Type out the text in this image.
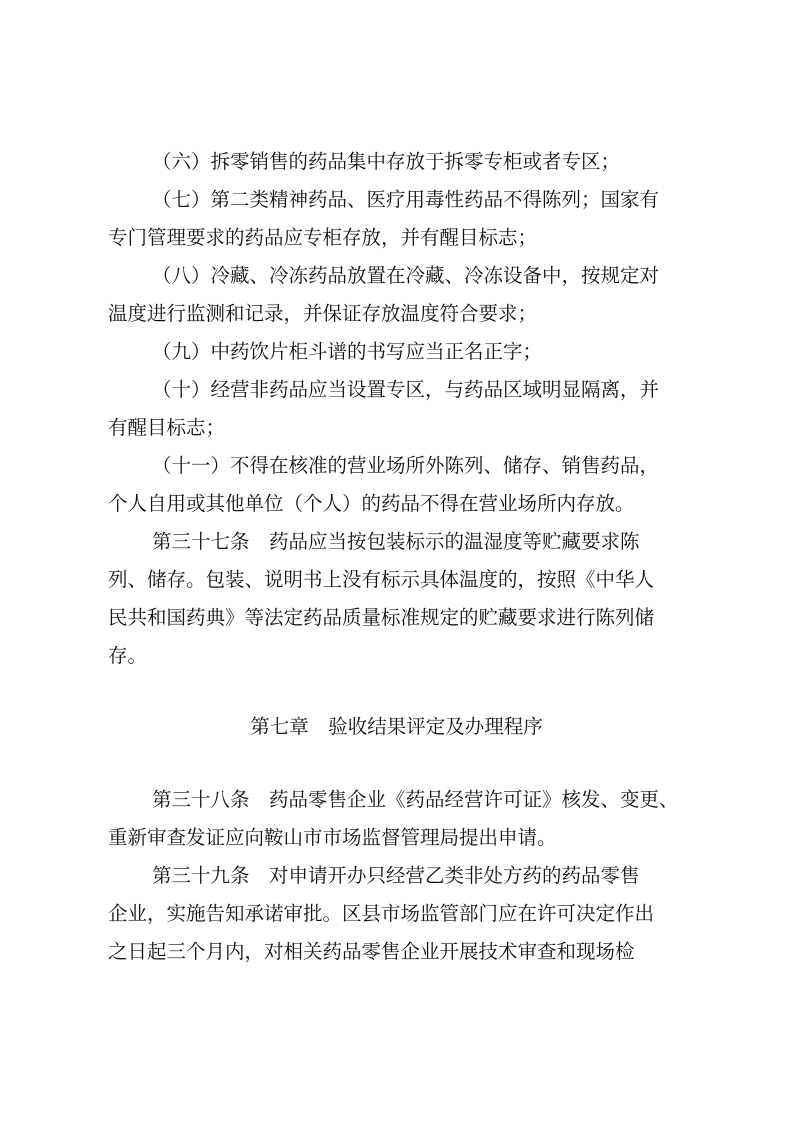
（六）拆零销售的药品集中存放于拆零专柜或者专区；
（七）第二类精神药品、医疗用毒性药品不得陈列；国家有
专门管理要求的药品应专柜存放，并有醒目标志；
（八）冷藏、冷冻药品放置在冷藏、冷冻设备中，按规定对
温度进行监测和记录，并保证存放温度符合要求；
（九）中药饮片柜斗谱的书写应当正名正字；
（十）经营非药品应当设置专区，与药品区域明显隔离，并
有醒目标志；
（十一）不得在核准的营业场所外陈列、储存、销售药品，
个人自用或其他单位（个人）的药品不得在营业场所内存放。
第三十七条　药品应当按包装标示的温湿度等贮藏要求陈
列、储存。包装、说明书上没有标示具体温度的，按照《中华人
民共和国药典》等法定药品质量标准规定的贮藏要求进行陈列储
存。
第七章　验收结果评定及办理程序
第三十八条　药品零售企业《药品经营许可证》核发、变更、
重新审查发证应向鞍山市市场监督管理局提出申请。
第三十九条　对申请开办只经营乙类非处方药的药品零售
企业，实施告知承诺审批。区县市场监管部门应在许可决定作出
之日起三个月内，对相关药品零售企业开展技术审查和现场检
